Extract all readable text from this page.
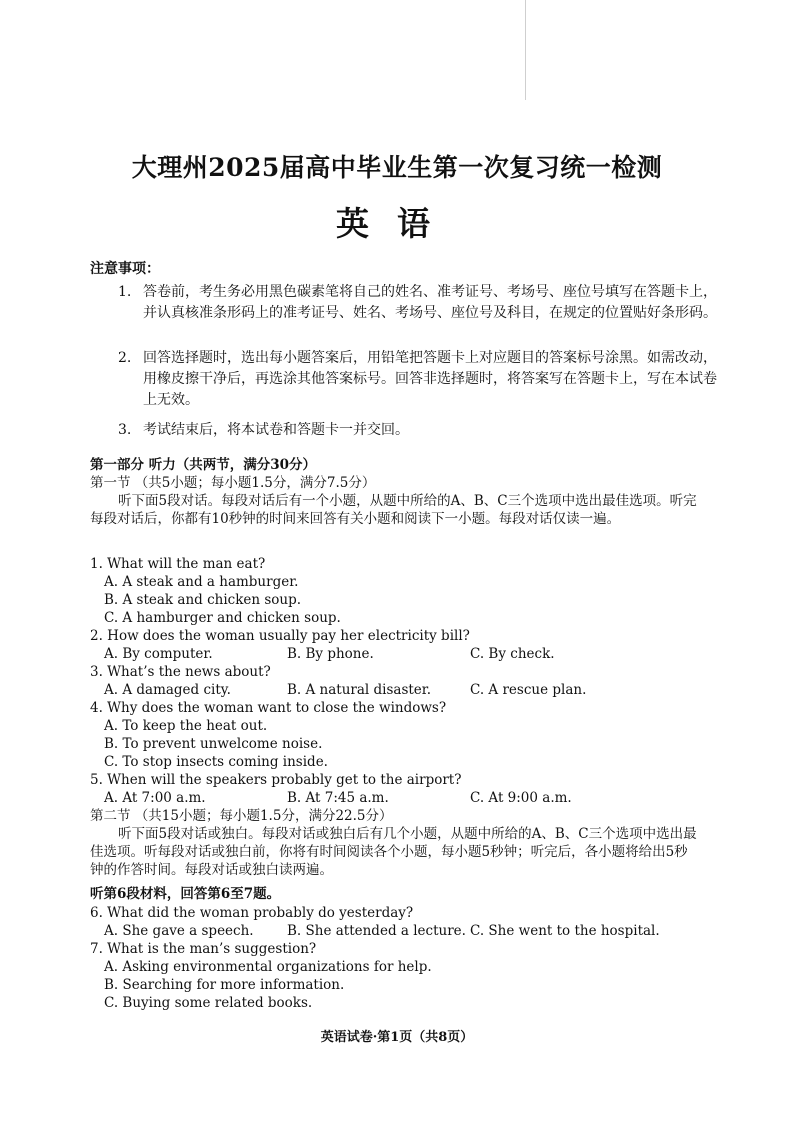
大理州2025届高中毕业生第一次复习统一检测
英语
注意事项：
1. 答卷前，考生务必用黑色碳素笔将自己的姓名、准考证号、考场号、座位号填写在答题卡上，并认真核准条形码上的准考证号、姓名、考场号、座位号及科目，在规定的位置贴好条形码。
2. 回答选择题时，选出每小题答案后，用铅笔把答题卡上对应题目的答案标号涂黑。如需改动，用橡皮擦干净后，再选涂其他答案标号。回答非选择题时，将答案写在答题卡上，写在本试卷上无效。
3. 考试结束后，将本试卷和答题卡一并交回。
第一部分 听力（共两节，满分30分）
第一节 （共5小题；每小题1.5分，满分7.5分）
听下面5段对话。每段对话后有一个小题，从题中所给的A、B、C三个选项中选出最佳选项。听完每段对话后，你都有10秒钟的时间来回答有关小题和阅读下一小题。每段对话仅读一遍。
1. What will the man eat?
A. A steak and a hamburger.
B. A steak and chicken soup.
C. A hamburger and chicken soup.
2. How does the woman usually pay her electricity bill?
A. By computer.	B. By phone.	C. By check.
3. What’s the news about?
A. A damaged city.	B. A natural disaster.	C. A rescue plan.
4. Why does the woman want to close the windows?
A. To keep the heat out.
B. To prevent unwelcome noise.
C. To stop insects coming inside.
5. When will the speakers probably get to the airport?
A. At 7:00 a.m.	B. At 7:45 a.m.	C. At 9:00 a.m.
第二节 （共15小题；每小题1.5分，满分22.5分）
听下面5段对话或独白。每段对话或独白后有几个小题，从题中所给的A、B、C三个选项中选出最佳选项。听每段对话或独白前，你将有时间阅读各个小题，每小题5秒钟；听完后，各小题将给出5秒钟的作答时间。每段对话或独白读两遍。
听第6段材料，回答第6至7题。
6. What did the woman probably do yesterday?
A. She gave a speech. B. She attended a lecture. C. She went to the hospital.
7. What is the man’s suggestion?
A. Asking environmental organizations for help.
B. Searching for more information.
C. Buying some related books.
英语试卷·第1页（共8页）
